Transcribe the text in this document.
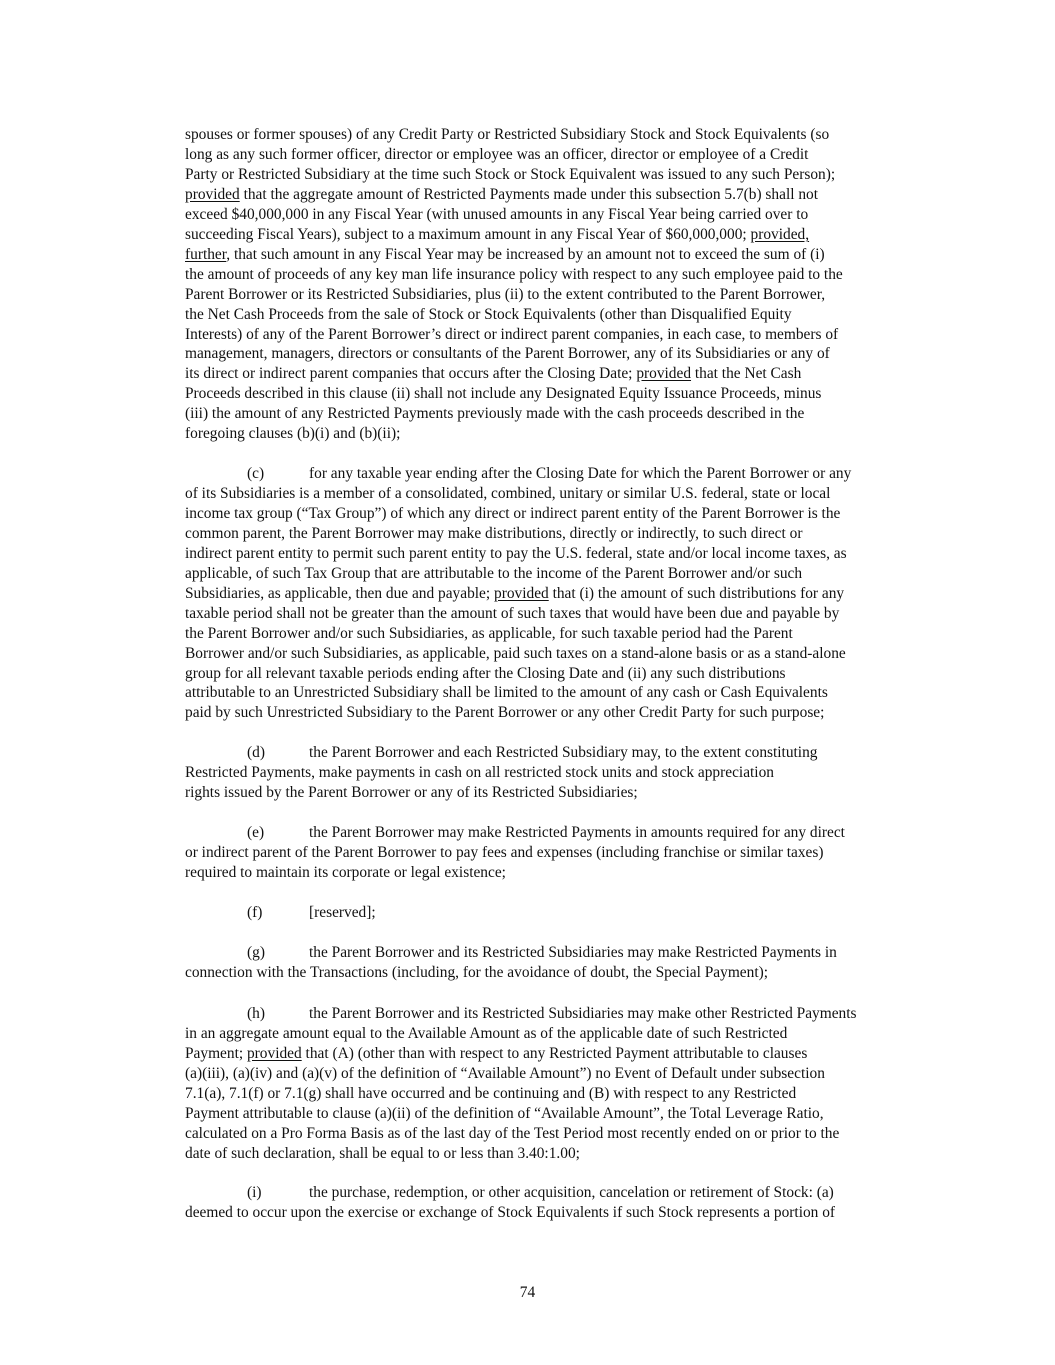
spouses or former spouses) of any Credit Party or Restricted Subsidiary Stock and Stock Equivalents (so
long as any such former officer, director or employee was an officer, director or employee of a Credit
Party or Restricted Subsidiary at the time such Stock or Stock Equivalent was issued to any such Person);
provided that the aggregate amount of Restricted Payments made under this subsection 5.7(b) shall not
exceed $40,000,000 in any Fiscal Year (with unused amounts in any Fiscal Year being carried over to
succeeding Fiscal Years), subject to a maximum amount in any Fiscal Year of $60,000,000; provided,
further, that such amount in any Fiscal Year may be increased by an amount not to exceed the sum of (i)
the amount of proceeds of any key man life insurance policy with respect to any such employee paid to the
Parent Borrower or its Restricted Subsidiaries, plus (ii) to the extent contributed to the Parent Borrower,
the Net Cash Proceeds from the sale of Stock or Stock Equivalents (other than Disqualified Equity
Interests) of any of the Parent Borrower’s direct or indirect parent companies, in each case, to members of
management, managers, directors or consultants of the Parent Borrower, any of its Subsidiaries or any of
its direct or indirect parent companies that occurs after the Closing Date; provided that the Net Cash
Proceeds described in this clause (ii) shall not include any Designated Equity Issuance Proceeds, minus
(iii) the amount of any Restricted Payments previously made with the cash proceeds described in the
foregoing clauses (b)(i) and (b)(ii);
(c)	for any taxable year ending after the Closing Date for which the Parent Borrower or any
of its Subsidiaries is a member of a consolidated, combined, unitary or similar U.S. federal, state or local
income tax group (“Tax Group”) of which any direct or indirect parent entity of the Parent Borrower is the
common parent, the Parent Borrower may make distributions, directly or indirectly, to such direct or
indirect parent entity to permit such parent entity to pay the U.S. federal, state and/or local income taxes, as
applicable, of such Tax Group that are attributable to the income of the Parent Borrower and/or such
Subsidiaries, as applicable, then due and payable; provided that (i) the amount of such distributions for any
taxable period shall not be greater than the amount of such taxes that would have been due and payable by
the Parent Borrower and/or such Subsidiaries, as applicable, for such taxable period had the Parent
Borrower and/or such Subsidiaries, as applicable, paid such taxes on a stand-alone basis or as a stand-alone
group for all relevant taxable periods ending after the Closing Date and (ii) any such distributions
attributable to an Unrestricted Subsidiary shall be limited to the amount of any cash or Cash Equivalents
paid by such Unrestricted Subsidiary to the Parent Borrower or any other Credit Party for such purpose;
(d)	the Parent Borrower and each Restricted Subsidiary may, to the extent constituting
Restricted Payments, make payments in cash on all restricted stock units and stock appreciation
rights issued by the Parent Borrower or any of its Restricted Subsidiaries;
(e)	the Parent Borrower may make Restricted Payments in amounts required for any direct
or indirect parent of the Parent Borrower to pay fees and expenses (including franchise or similar taxes)
required to maintain its corporate or legal existence;
(f)	[reserved];
(g)	the Parent Borrower and its Restricted Subsidiaries may make Restricted Payments in
connection with the Transactions (including, for the avoidance of doubt, the Special Payment);
(h)	the Parent Borrower and its Restricted Subsidiaries may make other Restricted Payments
in an aggregate amount equal to the Available Amount as of the applicable date of such Restricted
Payment; provided that (A) (other than with respect to any Restricted Payment attributable to clauses
(a)(iii), (a)(iv) and (a)(v) of the definition of “Available Amount”) no Event of Default under subsection
7.1(a), 7.1(f) or 7.1(g) shall have occurred and be continuing and (B) with respect to any Restricted
Payment attributable to clause (a)(ii) of the definition of “Available Amount”, the Total Leverage Ratio,
calculated on a Pro Forma Basis as of the last day of the Test Period most recently ended on or prior to the
date of such declaration, shall be equal to or less than 3.40:1.00;
(i)	the purchase, redemption, or other acquisition, cancelation or retirement of Stock: (a)
deemed to occur upon the exercise or exchange of Stock Equivalents if such Stock represents a portion of
74
